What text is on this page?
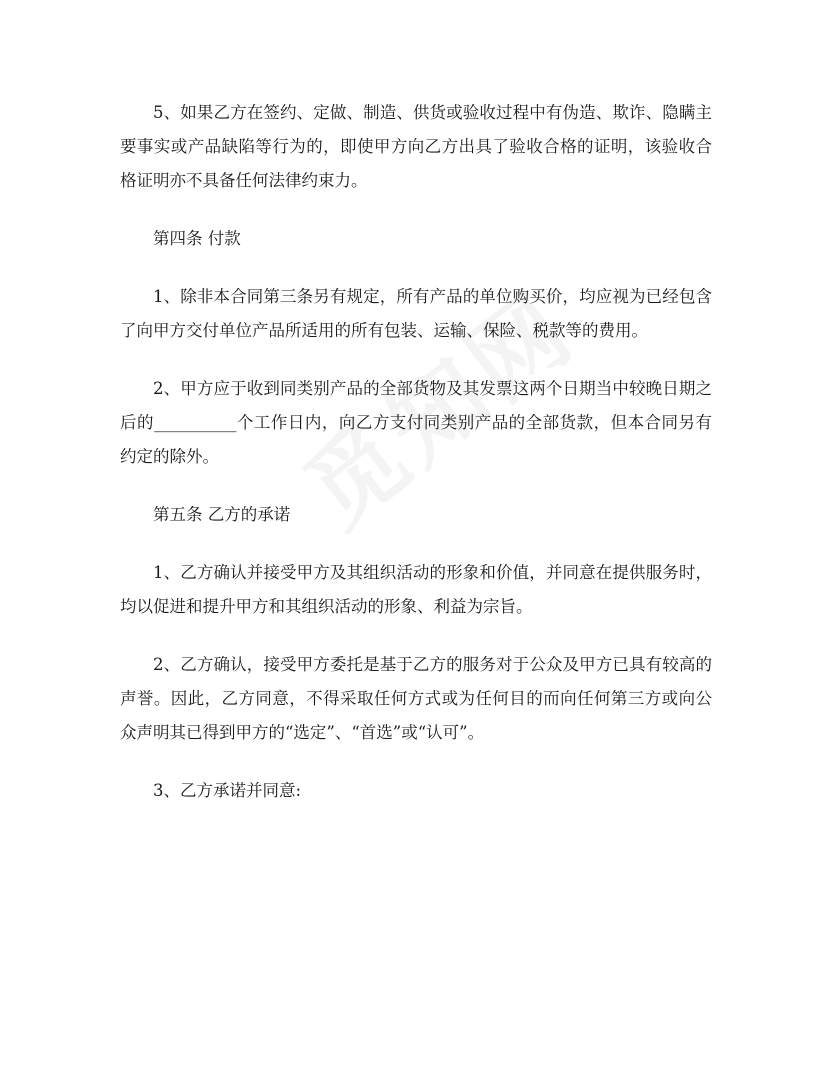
5、如果乙方在签约、定做、制造、供货或验收过程中有伪造、欺诈、隐瞒主要事实或产品缺陷等行为的，即使甲方向乙方出具了验收合格的证明，该验收合格证明亦不具备任何法律约束力。

第四条 付款

1、除非本合同第三条另有规定，所有产品的单位购买价，均应视为已经包含了向甲方交付单位产品所适用的所有包装、运输、保险、税款等的费用。

2、甲方应于收到同类别产品的全部货物及其发票这两个日期当中较晚日期之后的__________个工作日内，向乙方支付同类别产品的全部货款，但本合同另有约定的除外。

第五条 乙方的承诺

1、乙方确认并接受甲方及其组织活动的形象和价值，并同意在提供服务时，均以促进和提升甲方和其组织活动的形象、利益为宗旨。

2、乙方确认，接受甲方委托是基于乙方的服务对于公众及甲方已具有较高的声誉。因此，乙方同意，不得采取任何方式或为任何目的而向任何第三方或向公众声明其已得到甲方的“选定”、“首选”或“认可”。

3、乙方承诺并同意:
